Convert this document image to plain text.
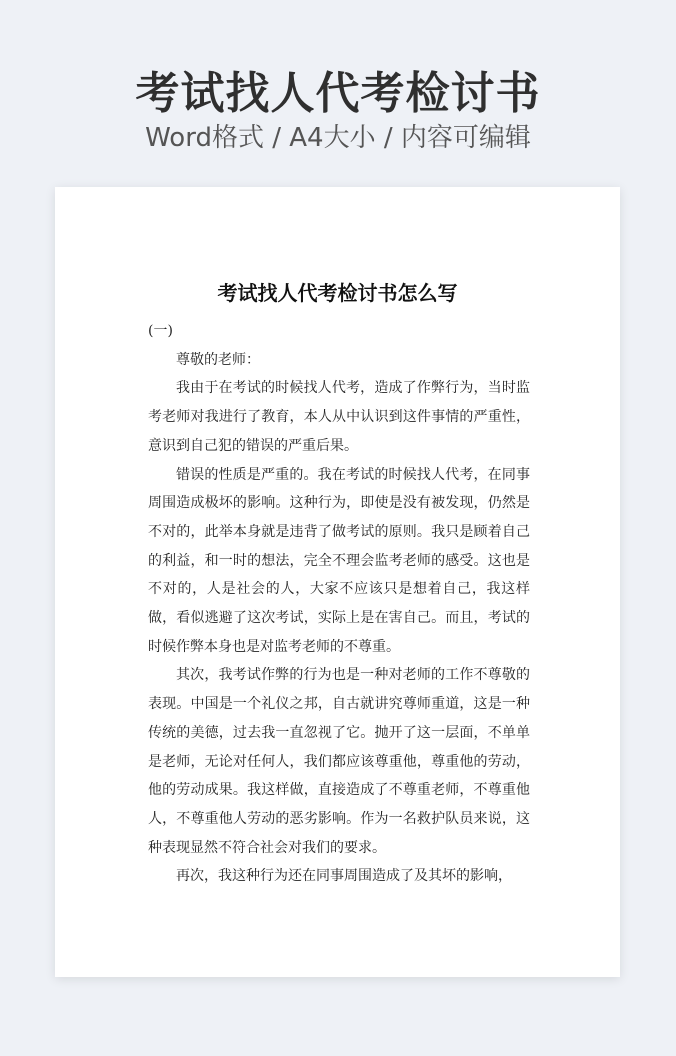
考试找人代考检讨书
Word格式 / A4大小 / 内容可编辑
考试找人代考检讨书怎么写

(一)

尊敬的老师：

我由于在考试的时候找人代考，造成了作弊行为，当时监考老师对我进行了教育，本人从中认识到这件事情的严重性，意识到自己犯的错误的严重后果。

错误的性质是严重的。我在考试的时候找人代考，在同事周围造成极坏的影响。这种行为，即使是没有被发现，仍然是不对的，此举本身就是违背了做考试的原则。我只是顾着自己的利益，和一时的想法，完全不理会监考老师的感受。这也是不对的，人是社会的人，大家不应该只是想着自己，我这样做，看似逃避了这次考试，实际上是在害自己。而且，考试的时候作弊本身也是对监考老师的不尊重。

其次，我考试作弊的行为也是一种对老师的工作不尊敬的表现。中国是一个礼仪之邦，自古就讲究尊师重道，这是一种传统的美德，过去我一直忽视了它。抛开了这一层面，不单单是老师，无论对任何人，我们都应该尊重他，尊重他的劳动，他的劳动成果。我这样做，直接造成了不尊重老师，不尊重他人，不尊重他人劳动的恶劣影响。作为一名救护队员来说，这种表现显然不符合社会对我们的要求。

再次，我这种行为还在同事周围造成了及其坏的影响，
